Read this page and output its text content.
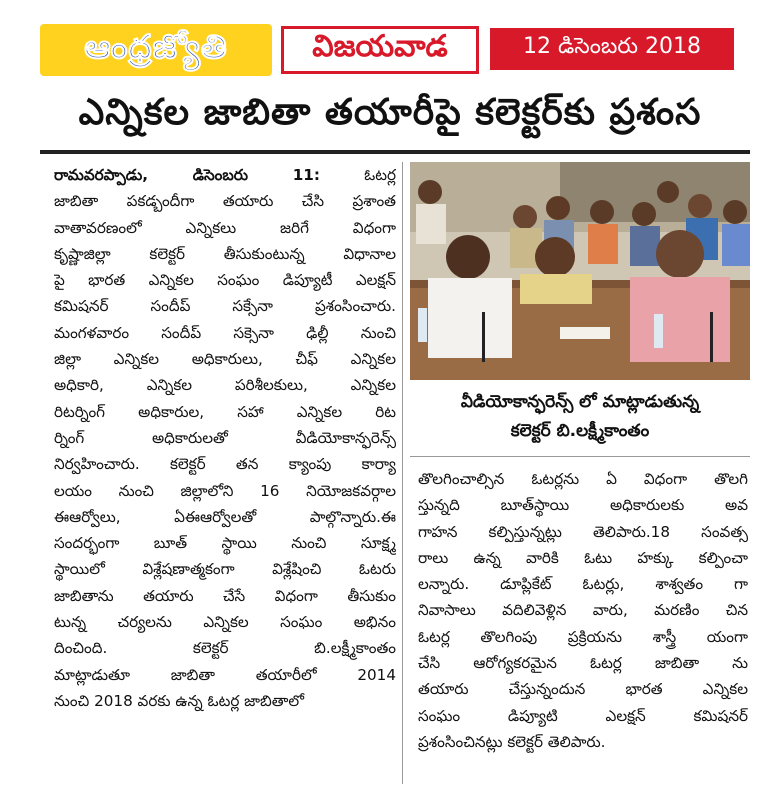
ఆంధ్రజ్యోతి	విజయవాడ	12 డిసెంబరు 2018
ఎన్నికల జాబితా తయారీపై కలెక్టర్‌కు ప్రశంస
రామవరప్పాడు, డిసెంబరు 11: ఓటర్ల
జాబితా పకడ్బందీగా తయారు చేసి ప్రశాంత
వాతావరణంలో ఎన్నికలు జరిగే విధంగా
కృష్ణాజిల్లా కలెక్టర్ తీసుకుంటున్న విధానాల
పై భారత ఎన్నికల సంఘం డిప్యూటీ ఎలక్షన్
కమిషనర్ సందీప్ సక్సేనా ప్రశంసించారు.
మంగళవారం సందీప్ సక్సెనా ఢిల్లీ నుంచి
జిల్లా ఎన్నికల అధికారులు, చీఫ్ ఎన్నికల
అధికారి, ఎన్నికల పరిశీలకులు, ఎన్నికల
రిటర్నింగ్ అధికారుల, సహా ఎన్నికల రిట
ర్నింగ్ అధికారులతో వీడియోకాన్ఫరెన్స్
నిర్వహించారు. కలెక్టర్ తన క్యాంపు కార్యా
లయం నుంచి జిల్లాలోని 16 నియోజకవర్గాల
ఈఆర్వోలు, ఏఈఆర్వోలతో పాల్గొన్నారు.ఈ
సందర్భంగా బూత్ స్థాయి నుంచి సూక్ష్మ
స్థాయిలో విశ్లేషణాత్మకంగా విశ్లేషించి ఓటరు
జాబితాను తయారు చేసే విధంగా తీసుకుం
టున్న చర్యలను ఎన్నికల సంఘం అభినం
దించింది. కలెక్టర్ బి.లక్ష్మీకాంతం
మాట్లాడుతూ జాబితా తయారీలో 2014
నుంచి 2018 వరకు ఉన్న ఓటర్ల జాబితాలో
వీడియోకాన్ఫరెన్స్ లో మాట్లాడుతున్న
కలెక్టర్ బి.లక్ష్మీకాంతం
తొలగించాల్సిన ఓటర్లను ఏ విధంగా తొలగి
స్తున్నది బూత్‌స్థాయి అధికారులకు అవ
గాహన కల్పిస్తున్నట్లు తెలిపారు.18 సంవత్స
రాలు ఉన్న వారికి ఓటు హక్కు కల్పించా
లన్నారు. డూప్లికేట్ ఓటర్లు, శాశ్వతం గా
నివాసాలు వదిలివెళ్లిన వారు, మరణిం చిన
ఓటర్ల తొలగింపు ప్రక్రియను శాస్త్రీ యంగా
చేసి ఆరోగ్యకరమైన ఓటర్ల జాబితా ను
తయారు చేస్తున్నందున భారత ఎన్నికల
సంఘం డిప్యూటి ఎలక్షన్ కమిషనర్
ప్రశంసించినట్లు కలెక్టర్ తెలిపారు.
